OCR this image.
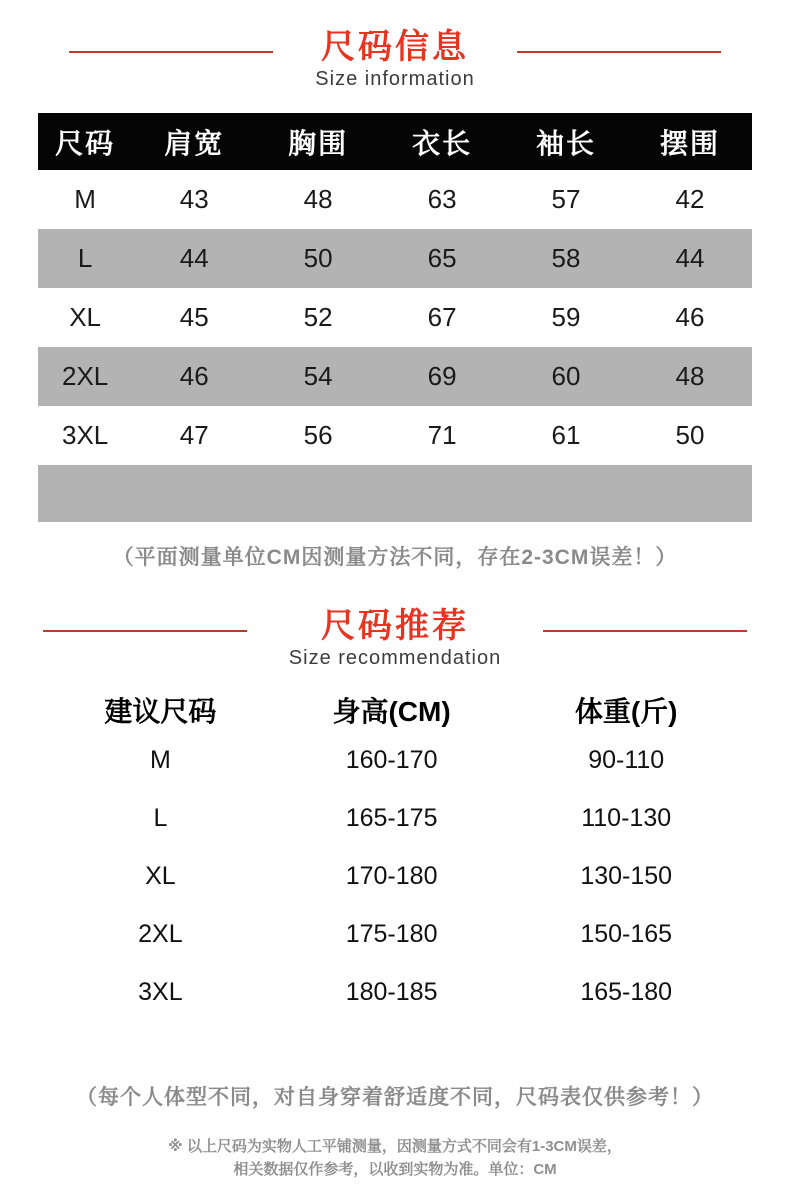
尺码信息
Size information
尺码	肩宽	胸围	衣长	袖长	摆围
M	43	48	63	57	42
L	44	50	65	58	44
XL	45	52	67	59	46
2XL	46	54	69	60	48
3XL	47	56	71	61	50
（平面测量单位CM因测量方法不同，存在2-3CM误差！）
尺码推荐
Size recommendation
建议尺码	身高(CM)	体重(斤)
M	160-170	90-110
L	165-175	110-130
XL	170-180	130-150
2XL	175-180	150-165
3XL	180-185	165-180
（每个人体型不同，对自身穿着舒适度不同，尺码表仅供参考！）
※ 以上尺码为实物人工平铺测量，因测量方式不同会有1-3CM误差，
相关数据仅作参考，以收到实物为准。单位：CM
